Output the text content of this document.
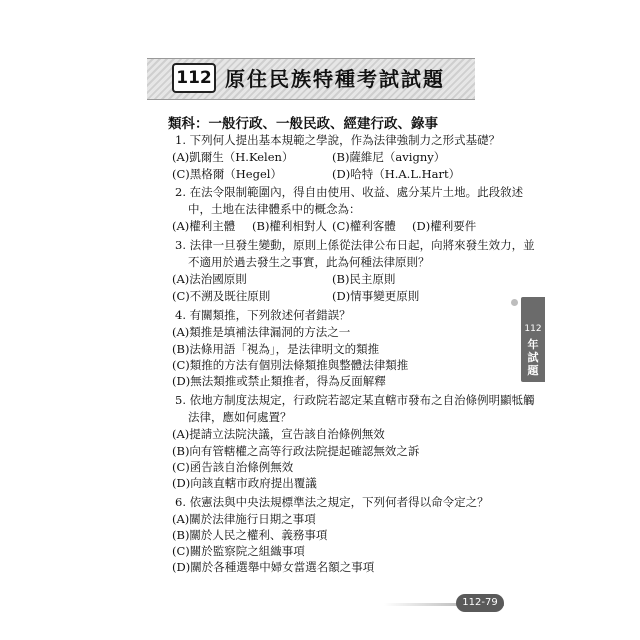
112 原住民族特種考試試題
類科：一般行政、一般民政、經建行政、錄事
1. 下列何人提出基本規範之學說，作為法律強制力之形式基礎？
(A)凱爾生（H.Kelen）	(B)薩維尼（avigny）
(C)黑格爾（Hegel）	(D)哈特（H.A.L.Hart）
2. 在法令限制範圍內，得自由使用、收益、處分某片土地。此段敘述
中，土地在法律體系中的概念為：
(A)權利主體 (B)權利相對人 (C)權利客體 (D)權利要件
3. 法律一旦發生變動，原則上係從法律公布日起，向將來發生效力，並
不適用於過去發生之事實，此為何種法律原則？
(A)法治國原則	(B)民主原則
(C)不溯及既往原則	(D)情事變更原則
4. 有關類推，下列敘述何者錯誤？
(A)類推是填補法律漏洞的方法之一
(B)法條用語「視為」，是法律明文的類推
(C)類推的方法有個別法條類推與整體法律類推
(D)無法類推或禁止類推者，得為反面解釋
5. 依地方制度法規定，行政院若認定某直轄市發布之自治條例明顯牴觸
法律，應如何處置？
(A)提請立法院決議，宣告該自治條例無效
(B)向有管轄權之高等行政法院提起確認無效之訴
(C)函告該自治條例無效
(D)向該直轄市政府提出覆議
6. 依憲法與中央法規標準法之規定，下列何者得以命令定之？
(A)關於法律施行日期之事項
(B)關於人民之權利、義務事項
(C)關於監察院之組織事項
(D)關於各種選舉中婦女當選名額之事項
112
年試題
112-79
